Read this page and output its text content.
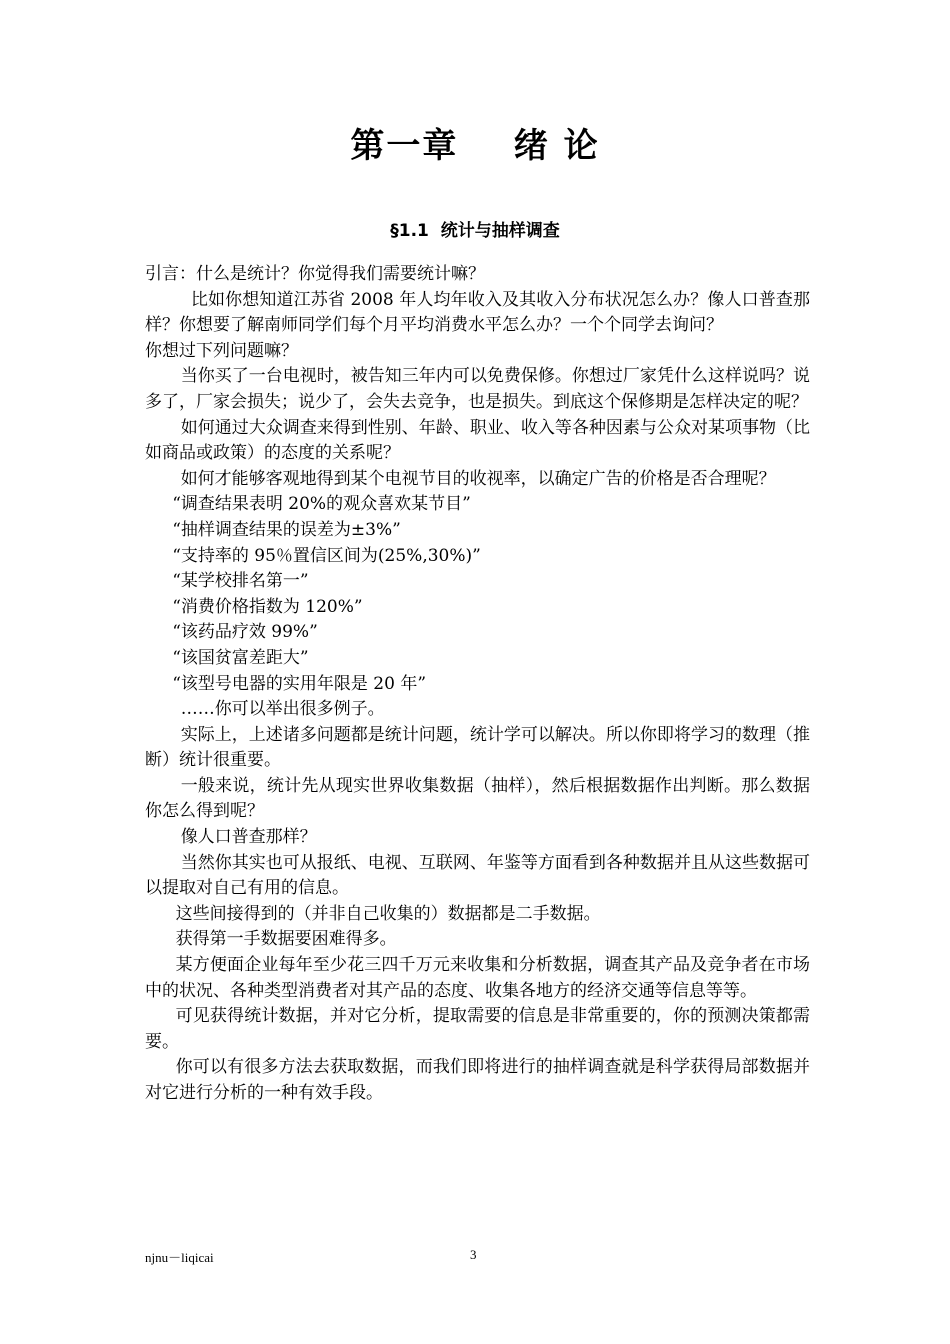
第一章    绪 论
§1.1  统计与抽样调查

引言：什么是统计？你觉得我们需要统计嘛？

比如你想知道江苏省 2008 年人均年收入及其收入分布状况怎么办？像人口普查那样？你想要了解南师同学们每个月平均消费水平怎么办？一个个同学去询问？

你想过下列问题嘛？

当你买了一台电视时，被告知三年内可以免费保修。你想过厂家凭什么这样说吗？说多了，厂家会损失；说少了，会失去竞争，也是损失。到底这个保修期是怎样决定的呢？

如何通过大众调查来得到性别、年龄、职业、收入等各种因素与公众对某项事物（比如商品或政策）的态度的关系呢？

如何才能够客观地得到某个电视节目的收视率，以确定广告的价格是否合理呢？

“调查结果表明 20%的观众喜欢某节目”

“抽样调查结果的误差为±3%”

“支持率的 95％置信区间为(25%,30%)”

“某学校排名第一”

“消费价格指数为 120%”

“该药品疗效 99%”

“该国贫富差距大”

“该型号电器的实用年限是 20 年”

……你可以举出很多例子。

实际上，上述诸多问题都是统计问题，统计学可以解决。所以你即将学习的数理（推断）统计很重要。

一般来说，统计先从现实世界收集数据（抽样），然后根据数据作出判断。那么数据你怎么得到呢？

像人口普查那样？

当然你其实也可从报纸、电视、互联网、年鉴等方面看到各种数据并且从这些数据可以提取对自己有用的信息。

这些间接得到的（并非自己收集的）数据都是二手数据。

获得第一手数据要困难得多。

某方便面企业每年至少花三四千万元来收集和分析数据，调查其产品及竞争者在市场中的状况、各种类型消费者对其产品的态度、收集各地方的经济交通等信息等等。

可见获得统计数据，并对它分析，提取需要的信息是非常重要的，你的预测决策都需要。

你可以有很多方法去获取数据，而我们即将进行的抽样调查就是科学获得局部数据并对它进行分析的一种有效手段。

njnu－liqicai	3
